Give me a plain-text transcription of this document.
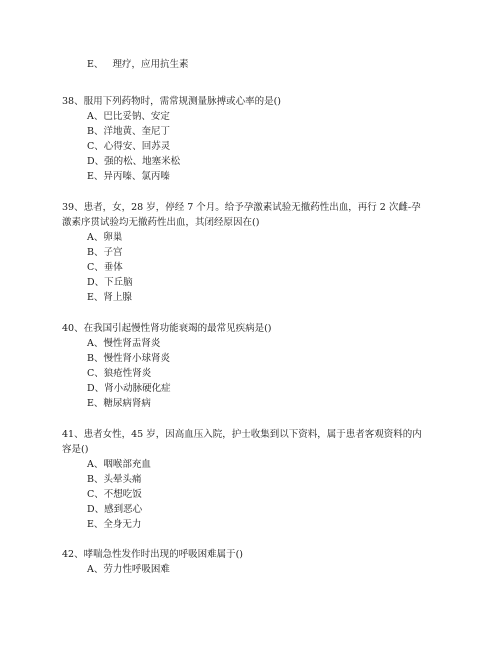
E、 理疗，应用抗生素
38、服用下列药物时，需常规测量脉搏或心率的是()
A、巴比妥钠、安定
B、洋地黄、奎尼丁
C、心得安、回苏灵
D、强的松、地塞米松
E、异丙嗪、氯丙嗪
39、患者，女，28 岁，停经 7 个月。给予孕激素试验无撤药性出血，再行 2 次雌-孕
激素序贯试验均无撤药性出血，其闭经原因在()
A、卵巢
B、子宫
C、垂体
D、下丘脑
E、肾上腺
40、在我国引起慢性肾功能衰竭的最常见疾病是()
A、慢性肾盂肾炎
B、慢性肾小球肾炎
C、狼疮性肾炎
D、肾小动脉硬化症
E、糖尿病肾病
41、患者女性，45 岁，因高血压入院，护士收集到以下资料，属于患者客观资料的内
容是()
A、咽喉部充血
B、头晕头痛
C、不想吃饭
D、感到恶心
E、全身无力
42、哮喘急性发作时出现的呼吸困难属于()
A、劳力性呼吸困难
